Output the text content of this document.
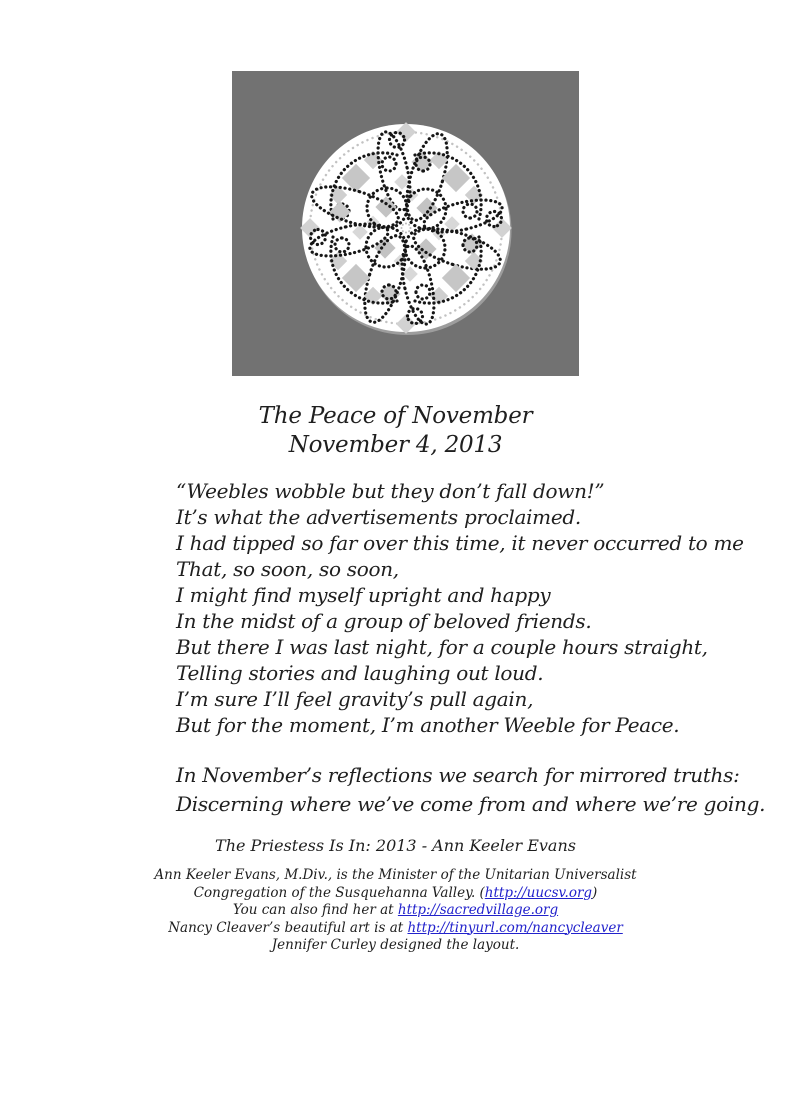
The Peace of November
November 4, 2013
“Weebles wobble but they don’t fall down!”
It’s what the advertisements proclaimed.
I had tipped so far over this time, it never occurred to me
That, so soon, so soon,
I might find myself upright and happy
In the midst of a group of beloved friends.
But there I was last night, for a couple hours straight,
Telling stories and laughing out loud.
I’m sure I’ll feel gravity’s pull again,
But for the moment, I’m another Weeble for Peace.
In November’s reflections we search for mirrored truths:
Discerning where we’ve come from and where we’re going.
The Priestess Is In: 2013 - Ann Keeler Evans
Ann Keeler Evans, M.Div., is the Minister of the Unitarian Universalist
Congregation of the Susquehanna Valley. (http://uucsv.org)
You can also find her at http://sacredvillage.org
Nancy Cleaver’s beautiful art is at http://tinyurl.com/nancycleaver
Jennifer Curley designed the layout.
